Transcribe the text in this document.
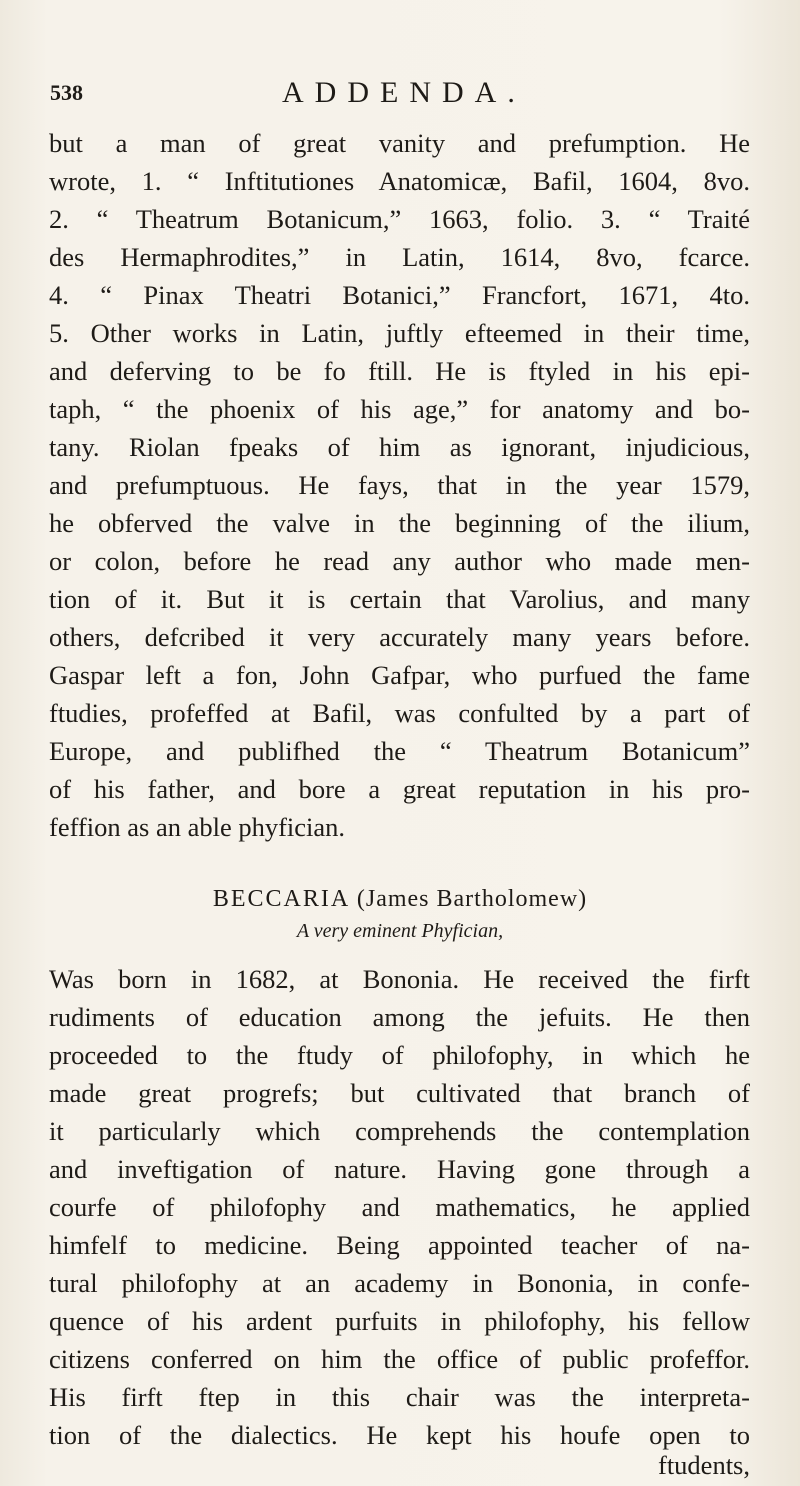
538	ADDENDA.
but a man of great vanity and prefumption. He
wrote, 1. “ Inftitutiones Anatomicæ, Bafil, 1604, 8vo.
2. “ Theatrum Botanicum,” 1663, folio. 3. “ Traité
des Hermaphrodites,” in Latin, 1614, 8vo, fcarce.
4. “ Pinax Theatri Botanici,” Francfort, 1671, 4to.
5. Other works in Latin, juftly efteemed in their time,
and deferving to be fo ftill. He is ftyled in his epi-
taph, “ the phoenix of his age,” for anatomy and bo-
tany. Riolan fpeaks of him as ignorant, injudicious,
and prefumptuous. He fays, that in the year 1579,
he obferved the valve in the beginning of the ilium,
or colon, before he read any author who made men-
tion of it. But it is certain that Varolius, and many
others, defcribed it very accurately many years before.
Gaspar left a fon, John Gafpar, who purfued the fame
ftudies, profeffed at Bafil, was confulted by a part of
Europe, and publifhed the “ Theatrum Botanicum”
of his father, and bore a great reputation in his pro-
feffion as an able phyfician.
BECCARIA (James Bartholomew)
A very eminent Phyfician,
Was born in 1682, at Bononia. He received the firft
rudiments of education among the jefuits. He then
proceeded to the ftudy of philofophy, in which he
made great progrefs; but cultivated that branch of
it particularly which comprehends the contemplation
and inveftigation of nature. Having gone through a
courfe of philofophy and mathematics, he applied
himfelf to medicine. Being appointed teacher of na-
tural philofophy at an academy in Bononia, in confe-
quence of his ardent purfuits in philofophy, his fellow
citizens conferred on him the office of public profeffor.
His firft ftep in this chair was the interpreta-
tion of the dialectics. He kept his houfe open to
ftudents,
